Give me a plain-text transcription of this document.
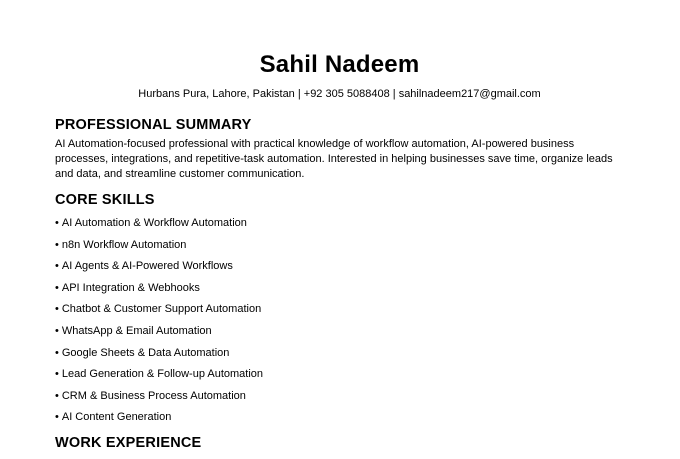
Sahil Nadeem

Hurbans Pura, Lahore, Pakistan | +92 305 5088408 | sahilnadeem217@gmail.com

PROFESSIONAL SUMMARY

AI Automation-focused professional with practical knowledge of workflow automation, AI-powered business processes, integrations, and repetitive-task automation. Interested in helping businesses save time, organize leads and data, and streamline customer communication.

CORE SKILLS
• AI Automation & Workflow Automation
• n8n Workflow Automation
• AI Agents & AI-Powered Workflows
• API Integration & Webhooks
• Chatbot & Customer Support Automation
• WhatsApp & Email Automation
• Google Sheets & Data Automation
• Lead Generation & Follow-up Automation
• CRM & Business Process Automation
• AI Content Generation
WORK EXPERIENCE
